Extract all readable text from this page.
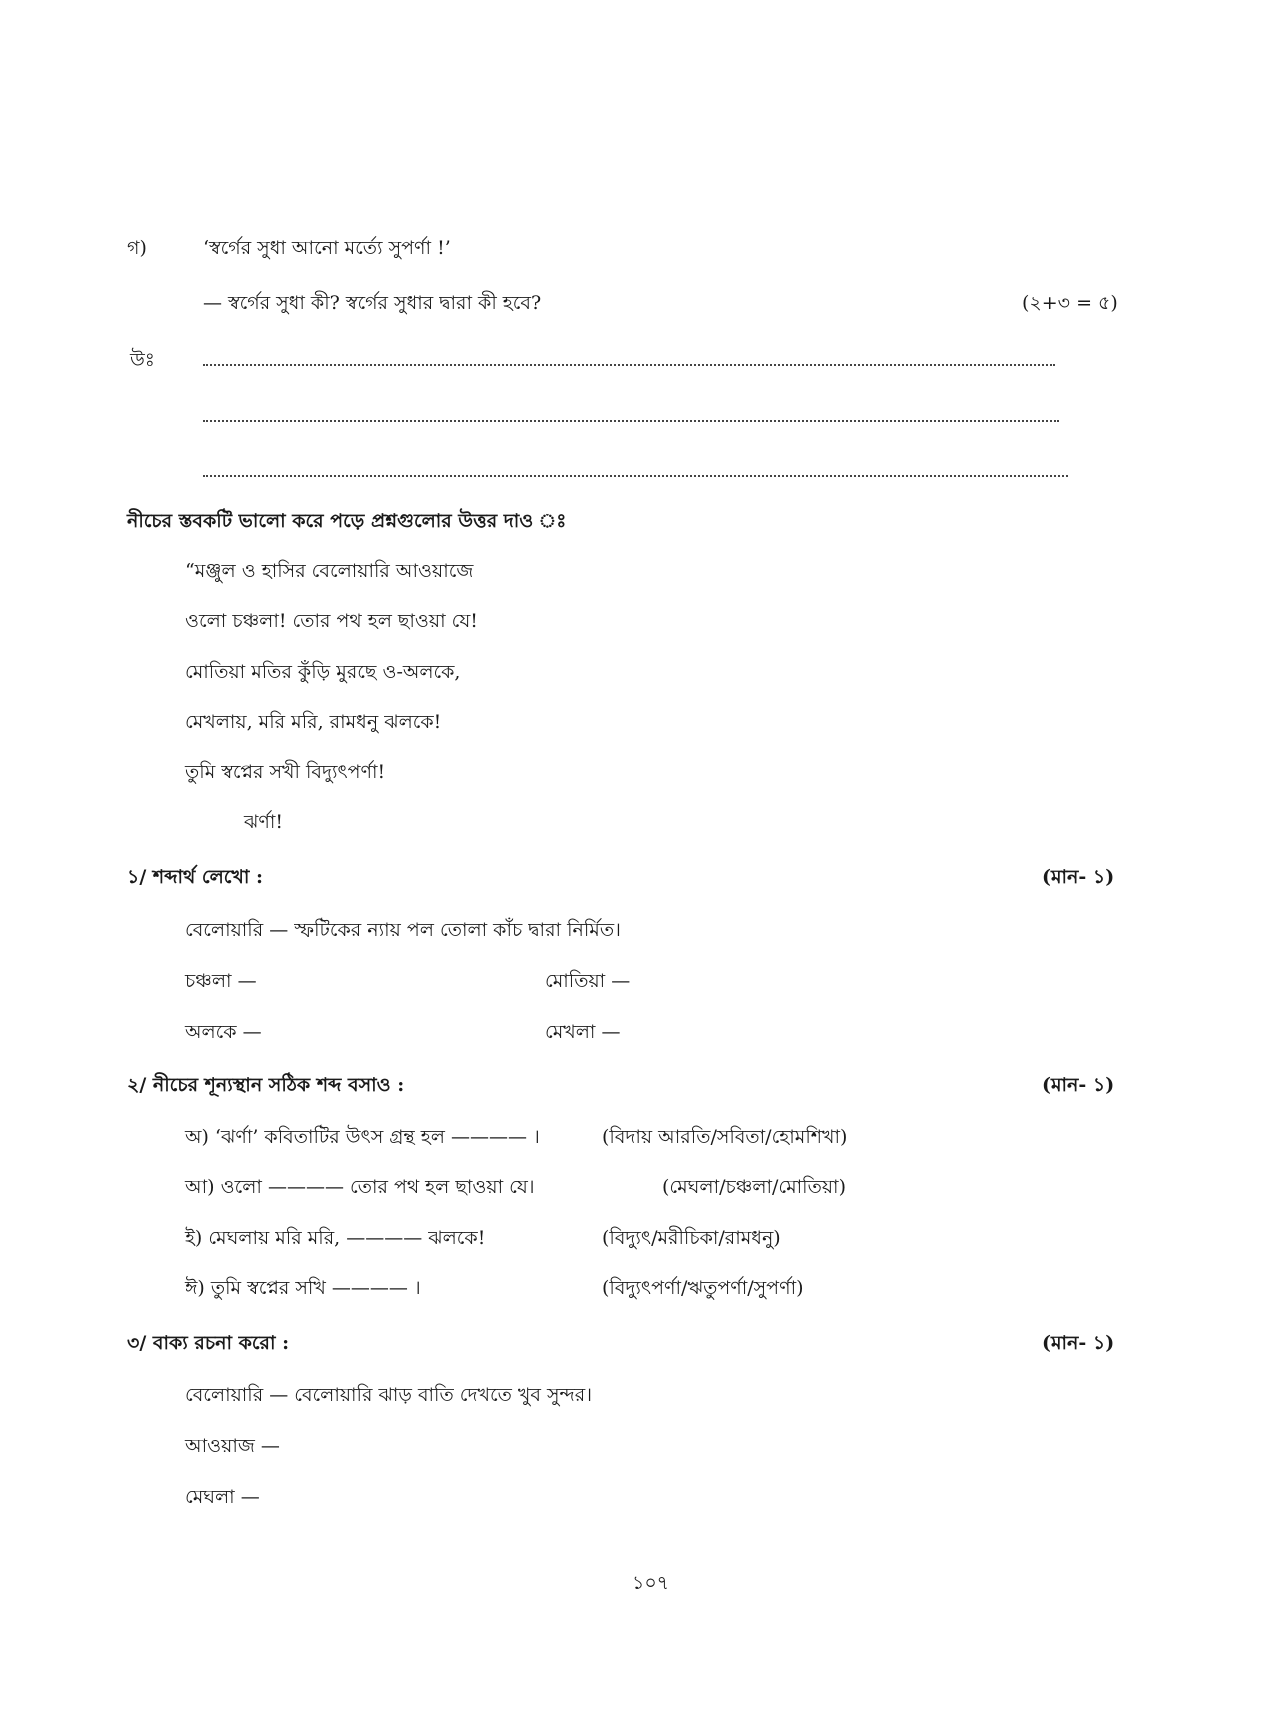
গ)	‘স্বর্গের সুধা আনো মর্ত্যে সুপর্ণা !’
— স্বর্গের সুধা কী? স্বর্গের সুধার দ্বারা কী হবে?	(২+৩ = ৫)
উঃ
নীচের স্তবকটি ভালো করে পড়ে প্রশ্নগুলোর উত্তর দাও ঃ
“মঞ্জুল ও হাসির বেলোয়ারি আওয়াজে
ওলো চঞ্চলা! তোর পথ হল ছাওয়া যে!
মোতিয়া মতির কুঁড়ি মুরছে ও-অলকে,
মেখলায়, মরি মরি, রামধনু ঝলকে!
তুমি স্বপ্নের সখী বিদ্যুৎপর্ণা!
ঝর্ণা!
১/ শব্দার্থ লেখো :	(মান- ১)
বেলোয়ারি — স্ফটিকের ন্যায় পল তোলা কাঁচ দ্বারা নির্মিত।
চঞ্চলা —	মোতিয়া —
অলকে —	মেখলা —
২/ নীচের শূন্যস্থান সঠিক শব্দ বসাও :	(মান- ১)
অ) ‘ঝর্ণা’ কবিতাটির উৎস গ্রন্থ হল ———— ।	(বিদায় আরতি/সবিতা/হোমশিখা)
আ) ওলো ———— তোর পথ হল ছাওয়া যে।	(মেঘলা/চঞ্চলা/মোতিয়া)
ই) মেঘলায় মরি মরি, ———— ঝলকে!	(বিদ্যুৎ/মরীচিকা/রামধনু)
ঈ) তুমি স্বপ্নের সখি ———— ।	(বিদ্যুৎপর্ণা/ঋতুপর্ণা/সুপর্ণা)
৩/ বাক্য রচনা করো :	(মান- ১)
বেলোয়ারি — বেলোয়ারি ঝাড় বাতি দেখতে খুব সুন্দর।
আওয়াজ —
মেঘলা —
১০৭
